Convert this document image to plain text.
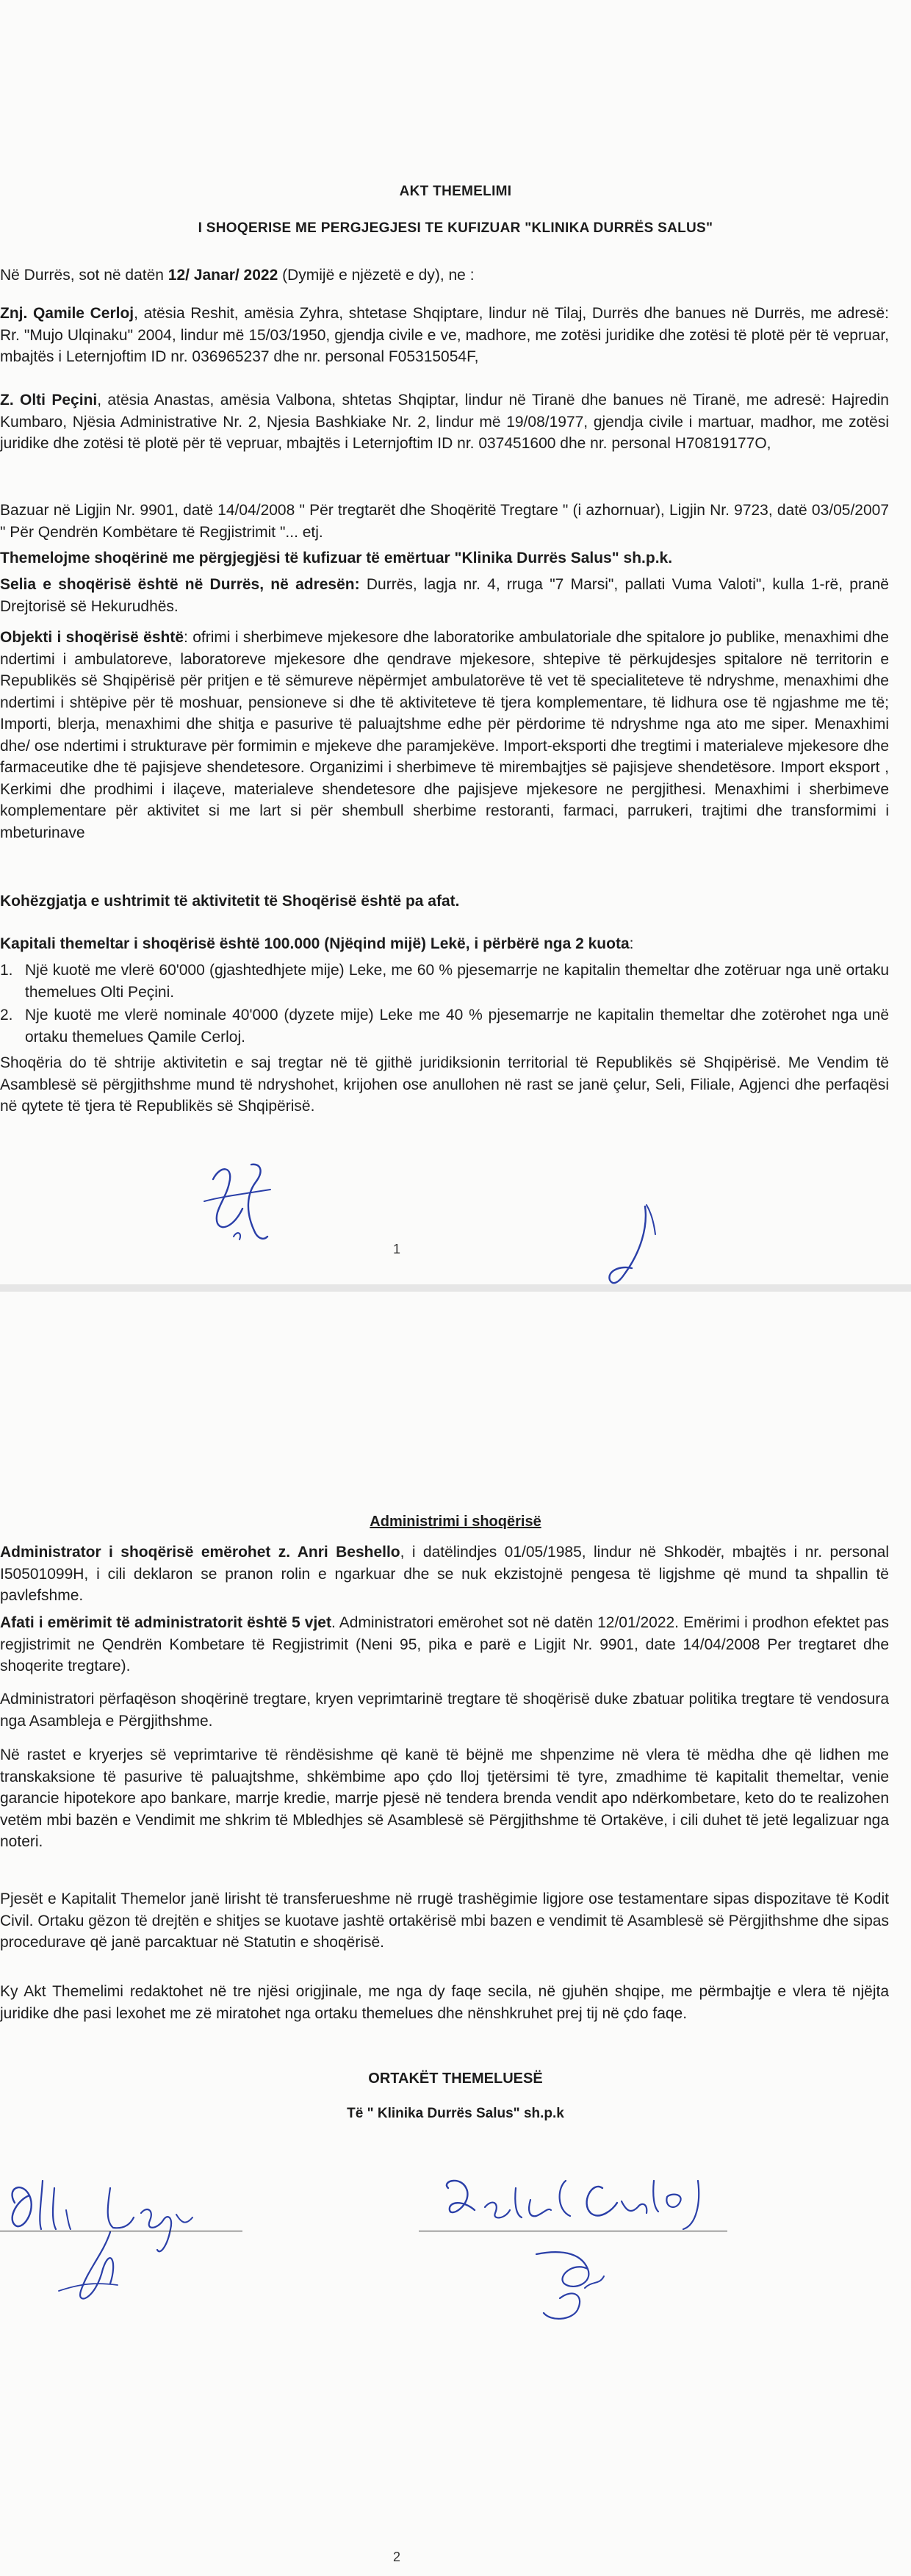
AKT THEMELIMI
I SHOQERISE ME PERGJEGJESI TE KUFIZUAR "KLINIKA DURRËS SALUS"

Në Durrës, sot në datën 12/ Janar/ 2022 (Dymijë e njëzetë e dy), ne :

Znj. Qamile Cerloj, atësia Reshit, amësia Zyhra, shtetase Shqiptare, lindur në Tilaj, Durrës dhe banues në Durrës, me adresë: Rr. "Mujo Ulqinaku" 2004, lindur më 15/03/1950, gjendja civile e ve, madhore, me zotësi juridike dhe zotësi të plotë për të vepruar, mbajtës i Leternjoftim ID nr. 036965237 dhe nr. personal F05315054F,

Z. Olti Peçini, atësia Anastas, amësia Valbona, shtetas Shqiptar, lindur në Tiranë dhe banues në Tiranë, me adresë: Hajredin Kumbaro, Njësia Administrative Nr. 2, Njesia Bashkiake Nr. 2, lindur më 19/08/1977, gjendja civile i martuar, madhor, me zotësi juridike dhe zotësi të plotë për të vepruar, mbajtës i Leternjoftim ID nr. 037451600 dhe nr. personal H70819177O,

Bazuar në Ligjin Nr. 9901, datë 14/04/2008 " Për tregtarët dhe Shoqëritë Tregtare " (i azhornuar), Ligjin Nr. 9723, datë 03/05/2007 " Për Qendrën Kombëtare të Regjistrimit "... etj.

Themelojme shoqërinë me përgjegjësi të kufizuar të emërtuar "Klinika Durrës Salus" sh.p.k.

Selia e shoqërisë është në Durrës, në adresën: Durrës, lagja nr. 4, rruga "7 Marsi", pallati Vuma Valoti", kulla 1-rë, pranë Drejtorisë së Hekurudhës.

Objekti i shoqërisë është: ofrimi i sherbimeve mjekesore dhe laboratorike ambulatoriale dhe spitalore jo publike, menaxhimi dhe ndertimi i ambulatoreve, laboratoreve mjekesore dhe qendrave mjekesore, shtepive të përkujdesjes spitalore në territorin e Republikës së Shqipërisë për pritjen e të sëmureve nëpërmjet ambulatorëve të vet të specialiteteve të ndryshme, menaxhimi dhe ndertimi i shtëpive për të moshuar, pensioneve si dhe të aktiviteteve të tjera komplementare, të lidhura ose të ngjashme me të; Importi, blerja, menaxhimi dhe shitja e pasurive të paluajtshme edhe për përdorime të ndryshme nga ato me siper. Menaxhimi dhe/ ose ndertimi i strukturave për formimin e mjekeve dhe paramjekëve. Import-eksporti dhe tregtimi i materialeve mjekesore dhe farmaceutike dhe të pajisjeve shendetesore. Organizimi i sherbimeve të mirembajtjes së pajisjeve shendetësore. Import eksport , Kerkimi dhe prodhimi i ilaçeve, materialeve shendetesore dhe pajisjeve mjekesore ne pergjithesi. Menaxhimi i sherbimeve komplementare për aktivitet si me lart si për shembull sherbime restoranti, farmaci, parrukeri, trajtimi dhe transformimi i mbeturinave

Kohëzgjatja e ushtrimit të aktivitetit të Shoqërisë është pa afat.

Kapitali themeltar i shoqërisë është 100.000 (Njëqind mijë) Lekë, i përbërë nga 2 kuota:

1. Një kuotë me vlerë 60'000 (gjashtedhjete mije) Leke, me 60 % pjesemarrje ne kapitalin themeltar dhe zotëruar nga unë ortaku themelues Olti Peçini.
2. Nje kuotë me vlerë nominale 40'000 (dyzete mije) Leke me 40 % pjesemarrje ne kapitalin themeltar dhe zotërohet nga unë ortaku themelues Qamile Cerloj.

Shoqëria do të shtrije aktivitetin e saj tregtar në të gjithë juridiksionin territorial të Republikës së Shqipërisë. Me Vendim të Asamblesë së përgjithshme mund të ndryshohet, krijohen ose anullohen në rast se janë çelur, Seli, Filiale, Agjenci dhe perfaqësi në qytete të tjera të Republikës së Shqipërisë.

1
Administrimi i shoqërisë

Administrator i shoqërisë emërohet z. Anri Beshello, i datëlindjes 01/05/1985, lindur në Shkodër, mbajtës i nr. personal I50501099H, i cili deklaron se pranon rolin e ngarkuar dhe se nuk ekzistojnë pengesa të ligjshme që mund ta shpallin të pavlefshme.

Afati i emërimit të administratorit është 5 vjet. Administratori emërohet sot në datën 12/01/2022. Emërimi i prodhon efektet pas regjistrimit ne Qendrën Kombetare të Regjistrimit (Neni 95, pika e parë e Ligjit Nr. 9901, date 14/04/2008 Per tregtaret dhe shoqerite tregtare).

Administratori përfaqëson shoqërinë tregtare, kryen veprimtarinë tregtare të shoqërisë duke zbatuar politika tregtare të vendosura nga Asambleja e Përgjithshme.

Në rastet e kryerjes së veprimtarive të rëndësishme që kanë të bëjnë me shpenzime në vlera të mëdha dhe që lidhen me transkaksione të pasurive të paluajtshme, shkëmbime apo çdo lloj tjetërsimi të tyre, zmadhime të kapitalit themeltar, venie garancie hipotekore apo bankare, marrje kredie, marrje pjesë në tendera brenda vendit apo ndërkombetare, keto do te realizohen vetëm mbi bazën e Vendimit me shkrim të Mbledhjes së Asamblesë së Përgjithshme të Ortakëve, i cili duhet të jetë legalizuar nga noteri.

Pjesët e Kapitalit Themelor janë lirisht të transferueshme në rrugë trashëgimie ligjore ose testamentare sipas dispozitave të Kodit Civil. Ortaku gëzon të drejtën e shitjes se kuotave jashtë ortakërisë mbi bazen e vendimit të Asamblesë së Përgjithshme dhe sipas procedurave që janë parcaktuar në Statutin e shoqërisë.

Ky Akt Themelimi redaktohet në tre njësi origjinale, me nga dy faqe secila, në gjuhën shqipe, me përmbajtje e vlera të njëjta juridike dhe pasi lexohet me zë miratohet nga ortaku themelues dhe nënshkruhet prej tij në çdo faqe.

ORTAKËT THEMELUESË
Të " Klinika Durrës Salus" sh.p.k
2
